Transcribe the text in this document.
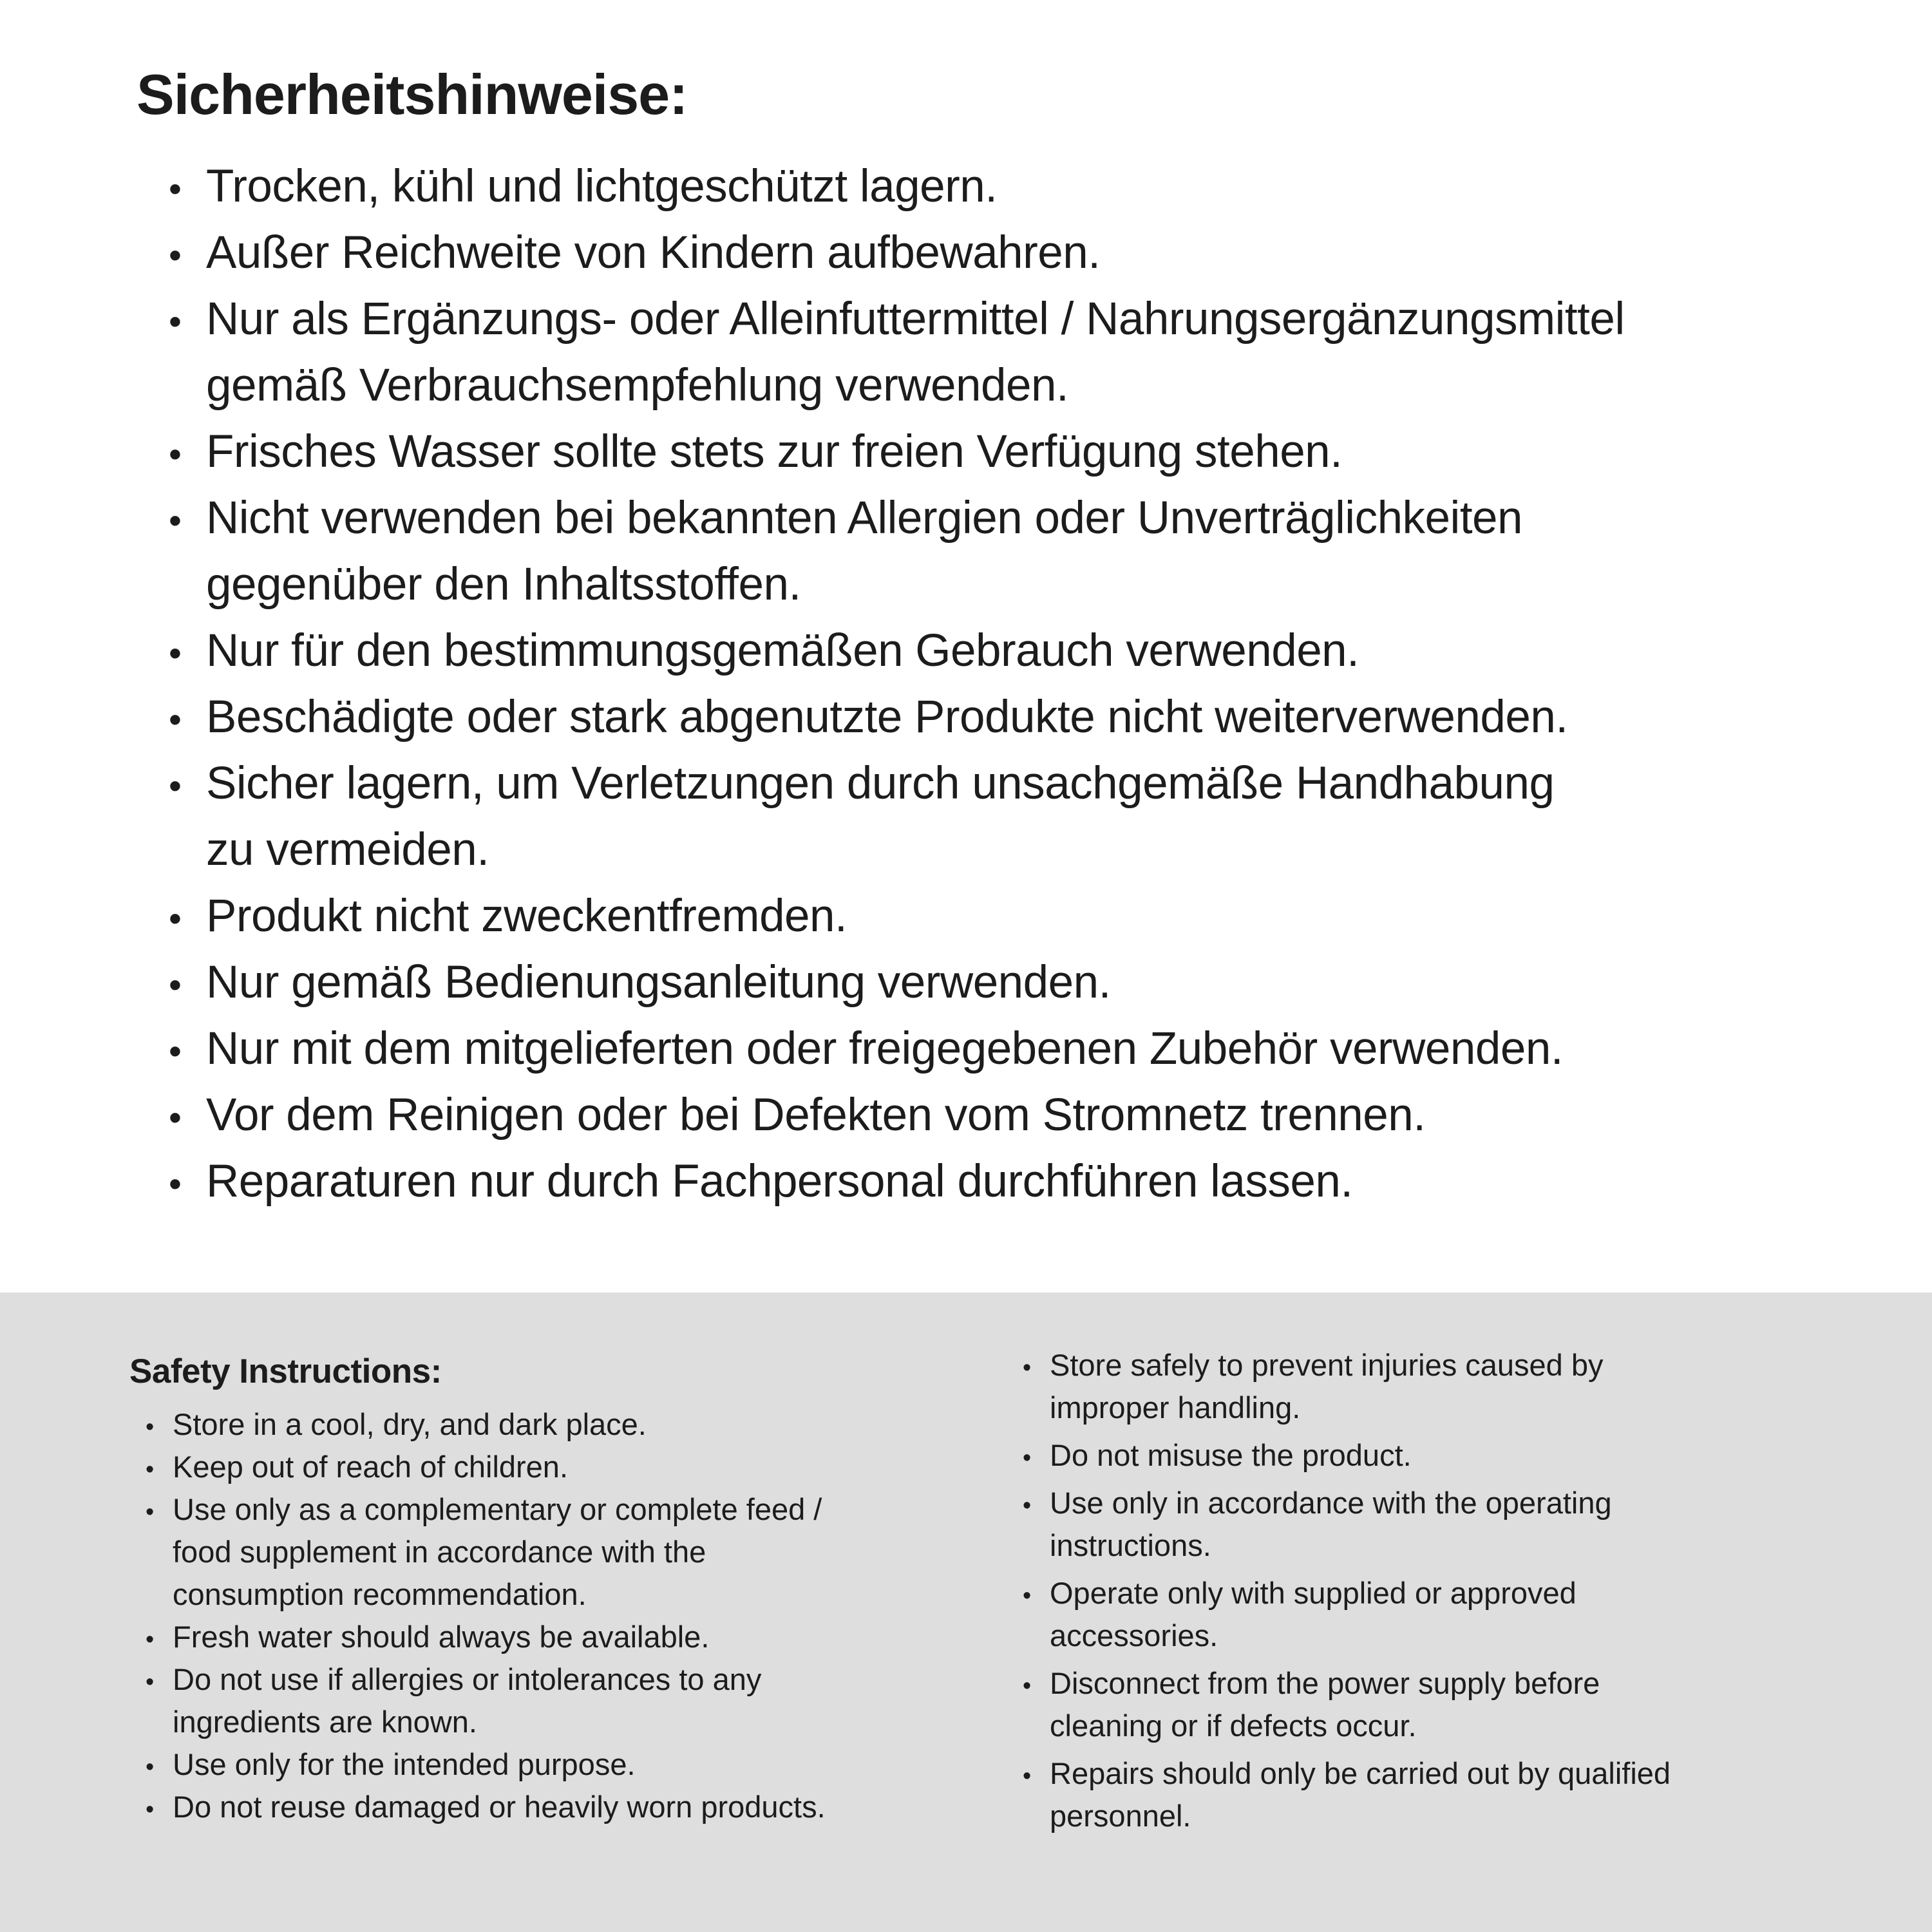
Sicherheitshinweise:
• Trocken, kühl und lichtgeschützt lagern.
• Außer Reichweite von Kindern aufbewahren.
• Nur als Ergänzungs- oder Alleinfuttermittel / Nahrungsergänzungsmittel
gemäß Verbrauchsempfehlung verwenden.
• Frisches Wasser sollte stets zur freien Verfügung stehen.
• Nicht verwenden bei bekannten Allergien oder Unverträglichkeiten
gegenüber den Inhaltsstoffen.
• Nur für den bestimmungsgemäßen Gebrauch verwenden.
• Beschädigte oder stark abgenutzte Produkte nicht weiterverwenden.
• Sicher lagern, um Verletzungen durch unsachgemäße Handhabung
zu vermeiden.
• Produkt nicht zweckentfremden.
• Nur gemäß Bedienungsanleitung verwenden.
• Nur mit dem mitgelieferten oder freigegebenen Zubehör verwenden.
• Vor dem Reinigen oder bei Defekten vom Stromnetz trennen.
• Reparaturen nur durch Fachpersonal durchführen lassen.
Safety Instructions:
• Store in a cool, dry, and dark place.
• Keep out of reach of children.
• Use only as a complementary or complete feed /
food supplement in accordance with the
consumption recommendation.
• Fresh water should always be available.
• Do not use if allergies or intolerances to any
ingredients are known.
• Use only for the intended purpose.
• Do not reuse damaged or heavily worn products.
• Store safely to prevent injuries caused by
improper handling.
• Do not misuse the product.
• Use only in accordance with the operating
instructions.
• Operate only with supplied or approved
accessories.
• Disconnect from the power supply before
cleaning or if defects occur.
• Repairs should only be carried out by qualified
personnel.
